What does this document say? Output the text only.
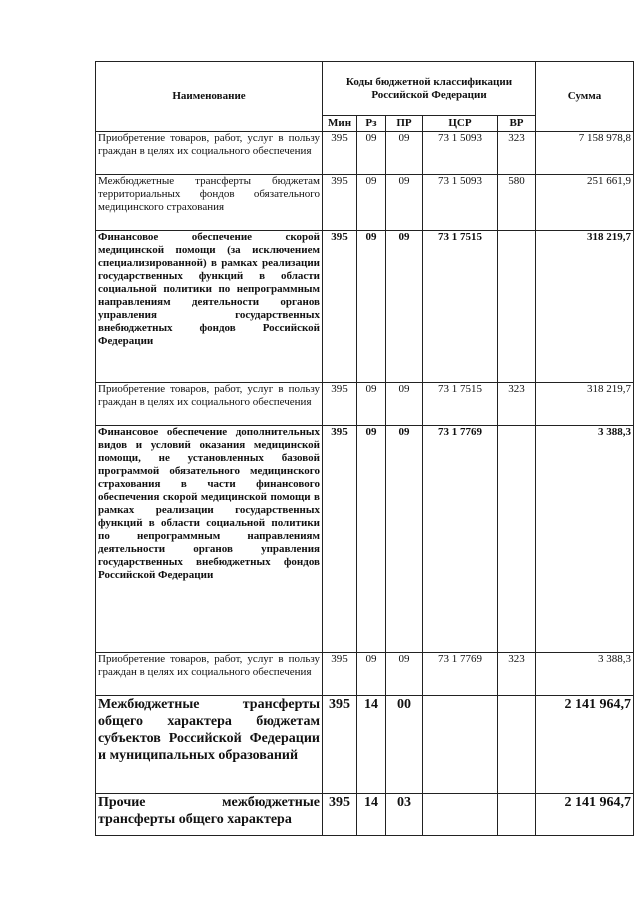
Наименование	Коды бюджетной классификации Российской Федерации					Сумма
	Мин	Рз	ПР	ЦСР	ВР	
Приобретение товаров, работ, услуг в пользу граждан в целях их социального обеспечения	395	09	09	73 1 5093	323	7 158 978,8
Межбюджетные трансферты бюджетам территориальных фондов обязательного медицинского страхования	395	09	09	73 1 5093	580	251 661,9
Финансовое обеспечение скорой медицинской помощи (за исключением специализированной) в рамках реализации государственных функций в области социальной политики по непрограммным направлениям деятельности органов управления государственных внебюджетных фондов Российской Федерации	395	09	09	73 1 7515		318 219,7
Приобретение товаров, работ, услуг в пользу граждан в целях их социального обеспечения	395	09	09	73 1 7515	323	318 219,7
Финансовое обеспечение дополнительных видов и условий оказания медицинской помощи, не установленных базовой программой обязательного медицинского страхования в части финансового обеспечения скорой медицинской помощи в рамках реализации государственных функций в области социальной политики по непрограммным направлениям деятельности органов управления государственных внебюджетных фондов Российской Федерации	395	09	09	73 1 7769		3 388,3
Приобретение товаров, работ, услуг в пользу граждан в целях их социального обеспечения	395	09	09	73 1 7769	323	3 388,3
Межбюджетные трансферты общего характера бюджетам субъектов Российской Федерации и муниципальных образований	395	14	00			2 141 964,7
Прочие межбюджетные трансферты общего характера	395	14	03			2 141 964,7
